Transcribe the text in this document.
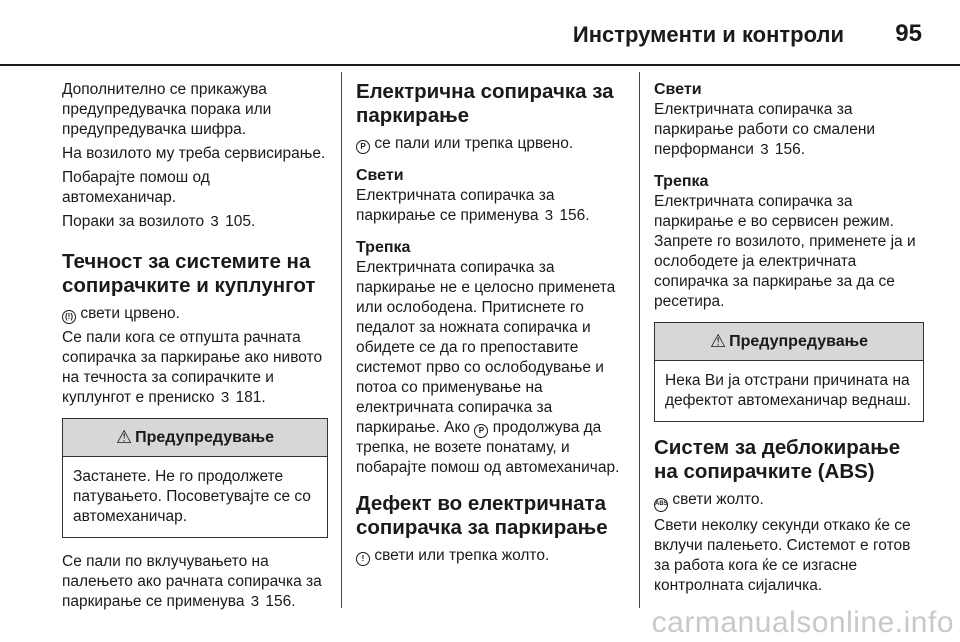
Инструменти и контроли 95

Дополнително се прикажува предупредувачка порака или предупредувачка шифра.

На возилото му треба сервисирање.

Побарајте помош од автомеханичар.

Пораки за возилото 3 105.

Течност за системите на сопирачките и куплунгот

(!) свети црвено.

Се пали кога се отпушта рачната сопирачка за паркирање ако нивото на течноста за сопирачките и куплунгот е прениско 3 181.

⚠ Предупредување
Застанете. Не го продолжете патувањето. Посоветувајте се со автомеханичар.

Се пали по вклучувањето на палењето ако рачната сопирачка за паркирање се применува 3 156.

Електрична сопирачка за паркирање

P се пали или трепка црвено.

Свети

Електричната сопирачка за паркирање се применува 3 156.

Трепка

Електричната сопирачка за паркирање не е целосно применета или ослободена. Притиснете го педалот за ножната сопирачка и обидете се да го препоставите системот прво со ослободување и потоа со применување на електричната сопирачка за паркирање. Ако P продолжува да трепка, не возете понатаму, и побарајте помош од автомеханичар.

Дефект во електричната сопирачка за паркирање

! свети или трепка жолто.

Свети

Електричната сопирачка за паркирање работи со смалени перформанси 3 156.

Трепка

Електричната сопирачка за паркирање е во сервисен режим. Запрете го возилото, применете ја и ослободете ја електричната сопирачка за паркирање за да се ресетира.

⚠ Предупредување
Нека Ви ја отстрани причината на дефектот автомеханичар веднаш.
Систем за деблокирање на сопирачките (ABS)

ABS свети жолто.

Свети неколку секунди откако ќе се вклучи палењето. Системот е готов за работа кога ќе се изгасне контролната сијаличка.

carmanualsonline.info
